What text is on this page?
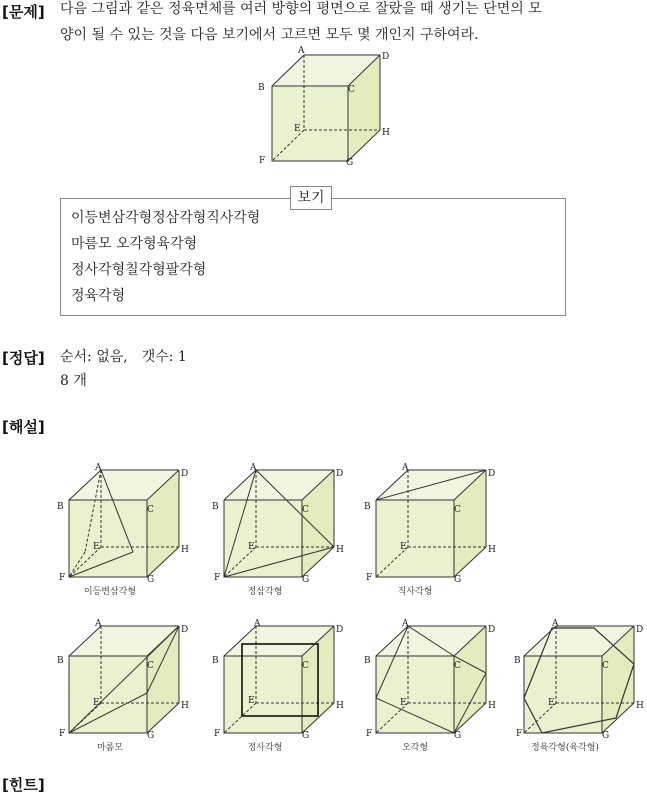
[문제] 다음 그림과 같은 정육면체를 여러 방향의 평면으로 잘랐을 때 생기는 단면의 모
양이 될 수 있는 것을 다음 보기에서 고르면 모두 몇 개인지 구하여라.
A
D
B	C
E	H
F	G
이등변삼각형정삼각형직사각형
마름모 오각형육각형
정사각형칠각형팔각형
정육각형
보기
[정답] 순서: 없음,　갯수: 1
8 개
[해설]
A
D
B	C
E	H
F	G
이등변삼각형
A
D
B	C
E	H
F	G
정삼각형
A
D
B	C
E	H
F	G
직사각형
A
D
B	C
E	H
F	G
마름모
A
D
B	C
E	H
F	G
정사각형
A
D
B	C
E	H
F	G
오각형
A
D
B	C
E	H
F	G
정육각형(육각형)
[힌트]
